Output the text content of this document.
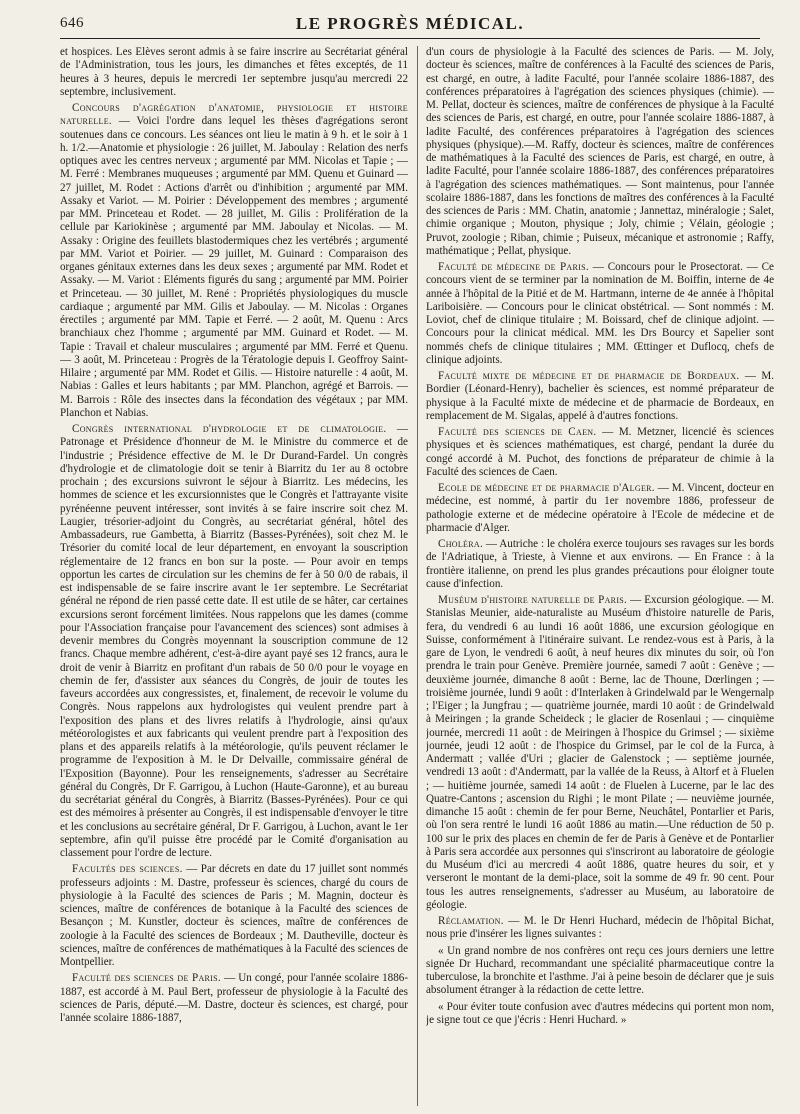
646	LE PROGRÈS MÉDICAL.

et hospices. Les Elèves seront admis à se faire inscrire au Secrétariat général de l'Administration, tous les jours, les dimanches et fêtes exceptés, de 11 heures à 3 heures, depuis le mercredi 1er septembre jusqu'au mercredi 22 septembre, inclusivement.

Concours d'agrégation d'anatomie, physiologie et histoire naturelle. — Voici l'ordre dans lequel les thèses d'agrégations seront soutenues dans ce concours. Les séances ont lieu le matin à 9 h. et le soir à 1 h. 1/2.—Anatomie et physiologie : 26 juillet, M. Jaboulay : Relation des nerfs optiques avec les centres nerveux ; argumenté par MM. Nicolas et Tapie ; — M. Ferré : Membranes muqueuses ; argumenté par MM. Quenu et Guinard — 27 juillet, M. Rodet : Actions d'arrêt ou d'inhibition ; argumenté par MM. Assaky et Variot. — M. Poirier : Développement des membres ; argumenté par MM. Princeteau et Rodet. — 28 juillet, M. Gilis : Prolifération de la cellule par Kariokinèse ; argumenté par MM. Jaboulay et Nicolas. — M. Assaky : Origine des feuillets blastodermiques chez les vertébrés ; argumenté par MM. Variot et Poirier. — 29 juillet, M. Guinard : Comparaison des organes génitaux externes dans les deux sexes ; argumenté par MM. Rodet et Assaky. — M. Variot : Eléments figurés du sang ; argumenté par MM. Poirier et Princeteau. — 30 juillet, M. René : Propriétés physiologiques du muscle cardiaque ; argumenté par MM. Gilis et Jaboulay. — M. Nicolas : Organes érectiles ; argumenté par MM. Tapie et Ferré. — 2 août, M. Quenu : Arcs branchiaux chez l'homme ; argumenté par MM. Guinard et Rodet. — M. Tapie : Travail et chaleur musculaires ; argumenté par MM. Ferré et Quenu. — 3 août, M. Princeteau : Progrès de la Tératologie depuis I. Geoffroy Saint-Hilaire ; argumenté par MM. Rodet et Gilis. — Histoire naturelle : 4 août, M. Nabias : Galles et leurs habitants ; par MM. Planchon, agrégé et Barrois. — M. Barrois : Rôle des insectes dans la fécondation des végétaux ; par MM. Planchon et Nabias.

Congrès international d'hydrologie et de climatologie. — Patronage et Présidence d'honneur de M. le Ministre du commerce et de l'industrie ; Présidence effective de M. le Dr Durand-Fardel. Un congrès d'hydrologie et de climatologie doit se tenir à Biarritz du 1er au 8 octobre prochain ; des excursions suivront le séjour à Biarritz. Les médecins, les hommes de science et les excursionnistes que le Congrès et l'attrayante visite pyrénéenne peuvent intéresser, sont invités à se faire inscrire soit chez M. Laugier, trésorier-adjoint du Congrès, au secrétariat général, hôtel des Ambassadeurs, rue Gambetta, à Biarritz (Basses-Pyrénées), soit chez M. le Trésorier du comité local de leur département, en envoyant la souscription réglementaire de 12 francs en bon sur la poste. — Pour avoir en temps opportun les cartes de circulation sur les chemins de fer à 50 0/0 de rabais, il est indispensable de se faire inscrire avant le 1er septembre. Le Secrétariat général ne répond de rien passé cette date. Il est utile de se hâter, car certaines excursions seront forcément limitées. Nous rappelons que les dames (comme pour l'Association française pour l'avancement des sciences) sont admises à devenir membres du Congrès moyennant la souscription commune de 12 francs. Chaque membre adhérent, c'est-à-dire ayant payé ses 12 francs, aura le droit de venir à Biarritz en profitant d'un rabais de 50 0/0 pour le voyage en chemin de fer, d'assister aux séances du Congrès, de jouir de toutes les faveurs accordées aux congressistes, et, finalement, de recevoir le volume du Congrès. Nous rappelons aux hydrologistes qui veulent prendre part à l'exposition des plans et des livres relatifs à l'hydrologie, ainsi qu'aux météorologistes et aux fabricants qui veulent prendre part à l'exposition des plans et des appareils relatifs à la météorologie, qu'ils peuvent réclamer le programme de l'exposition à M. le Dr Delvaille, commissaire général de l'Exposition (Bayonne). Pour les renseignements, s'adresser au Secrétaire général du Congrès, Dr F. Garrigou, à Luchon (Haute-Garonne), et au bureau du secrétariat général du Congrès, à Biarritz (Basses-Pyrénées). Pour ce qui est des mémoires à présenter au Congrès, il est indispensable d'envoyer le titre et les conclusions au secrétaire général, Dr F. Garrigou, à Luchon, avant le 1er septembre, afin qu'il puisse être procédé par le Comité d'organisation au classement pour l'ordre de lecture.

Facultés des sciences. — Par décrets en date du 17 juillet sont nommés professeurs adjoints : M. Dastre, professeur ès sciences, chargé du cours de physiologie à la Faculté des sciences de Paris ; M. Magnin, docteur ès sciences, maître de conférences de botanique à la Faculté des sciences de Besançon ; M. Kunstler, docteur ès sciences, maître de conférences de zoologie à la Faculté des sciences de Bordeaux ; M. Dautheville, docteur ès sciences, maître de conférences de mathématiques à la Faculté des sciences de Montpellier.

Faculté des sciences de Paris. — Un congé, pour l'année scolaire 1886-1887, est accordé à M. Paul Bert, professeur de physiologie à la Faculté des sciences de Paris, député.—M. Dastre, docteur ès sciences, est chargé, pour l'année scolaire 1886-1887,

d'un cours de physiologie à la Faculté des sciences de Paris. — M. Joly, docteur ès sciences, maître de conférences à la Faculté des sciences de Paris, est chargé, en outre, à ladite Faculté, pour l'année scolaire 1886-1887, des conférences préparatoires à l'agrégation des sciences physiques (chimie). — M. Pellat, docteur ès sciences, maître de conférences de physique à la Faculté des sciences de Paris, est chargé, en outre, pour l'année scolaire 1886-1887, à ladite Faculté, des conférences préparatoires à l'agrégation des sciences physiques (physique).—M. Raffy, docteur ès sciences, maître de conférences de mathématiques à la Faculté des sciences de Paris, est chargé, en outre, à ladite Faculté, pour l'année scolaire 1886-1887, des conférences préparatoires à l'agrégation des sciences mathématiques. — Sont maintenus, pour l'année scolaire 1886-1887, dans les fonctions de maîtres des conférences à la Faculté des sciences de Paris : MM. Chatin, anatomie ; Jannettaz, minéralogie ; Salet, chimie organique ; Mouton, physique ; Joly, chimie ; Vélain, géologie ; Pruvot, zoologie ; Riban, chimie ; Puiseux, mécanique et astronomie ; Raffy, mathématique ; Pellat, physique.

Faculté de médecine de Paris. — Concours pour le Prosectorat. — Ce concours vient de se terminer par la nomination de M. Boiffin, interne de 4e année à l'hôpital de la Pitié et de M. Hartmann, interne de 4e année à l'hôpital Lariboisière. — Concours pour le clinicat obstétrical. — Sont nommés : M. Loviot, chef de clinique titulaire ; M. Boissard, chef de clinique adjoint. — Concours pour la clinicat médical. MM. les Drs Bourcy et Sapelier sont nommés chefs de clinique titulaires ; MM. Œttinger et Duflocq, chefs de clinique adjoints.

Faculté mixte de médecine et de pharmacie de Bordeaux. — M. Bordier (Léonard-Henry), bachelier ès sciences, est nommé préparateur de physique à la Faculté mixte de médecine et de pharmacie de Bordeaux, en remplacement de M. Sigalas, appelé à d'autres fonctions.

Faculté des sciences de Caen. — M. Metzner, licencié ès sciences physiques et ès sciences mathématiques, est chargé, pendant la durée du congé accordé à M. Puchot, des fonctions de préparateur de chimie à la Faculté des sciences de Caen.

Ecole de médecine et de pharmacie d'Alger. — M. Vincent, docteur en médecine, est nommé, à partir du 1er novembre 1886, professeur de pathologie externe et de médecine opératoire à l'Ecole de médecine et de pharmacie d'Alger.

Choléra. — Autriche : le choléra exerce toujours ses ravages sur les bords de l'Adriatique, à Trieste, à Vienne et aux environs. — En France : à la frontière italienne, on prend les plus grandes précautions pour éloigner toute cause d'infection.

Muséum d'histoire naturelle de Paris. — Excursion géologique. — M. Stanislas Meunier, aide-naturaliste au Muséum d'histoire naturelle de Paris, fera, du vendredi 6 au lundi 16 août 1886, une excursion géologique en Suisse, conformément à l'itinéraire suivant. Le rendez-vous est à Paris, à la gare de Lyon, le vendredi 6 août, à neuf heures dix minutes du soir, où l'on prendra le train pour Genève. Première journée, samedi 7 août : Genève ; — deuxième journée, dimanche 8 août : Berne, lac de Thoune, Dœrlingen ; — troisième journée, lundi 9 août : d'Interlaken à Grindelwald par le Wengernalp ; l'Eiger ; la Jungfrau ; — quatrième journée, mardi 10 août : de Grindelwald à Meiringen ; la grande Scheideck ; le glacier de Rosenlaui ; — cinquième journée, mercredi 11 août : de Meiringen à l'hospice du Grimsel ; — sixième journée, jeudi 12 août : de l'hospice du Grimsel, par le col de la Furca, à Andermatt ; vallée d'Uri ; glacier de Galenstock ; — septième journée, vendredi 13 août : d'Andermatt, par la vallée de la Reuss, à Altorf et à Fluelen ; — huitième journée, samedi 14 août : de Fluelen à Lucerne, par le lac des Quatre-Cantons ; ascension du Righi ; le mont Pilate ; — neuvième journée, dimanche 15 août : chemin de fer pour Berne, Neuchâtel, Pontarlier et Paris, où l'on sera rentré le lundi 16 août 1886 au matin.—Une réduction de 50 p. 100 sur le prix des places en chemin de fer de Paris à Genève et de Pontarlier à Paris sera accordée aux personnes qui s'inscriront au laboratoire de géologie du Muséum d'ici au mercredi 4 août 1886, quatre heures du soir, et y verseront le montant de la demi-place, soit la somme de 49 fr. 90 cent. Pour tous les autres renseignements, s'adresser au Muséum, au laboratoire de géologie.

Réclamation. — M. le Dr Henri Huchard, médecin de l'hôpital Bichat, nous prie d'insérer les lignes suivantes :

« Un grand nombre de nos confrères ont reçu ces jours derniers une lettre signée Dr Huchard, recommandant une spécialité pharmaceutique contre la tuberculose, la bronchite et l'asthme. J'ai à peine besoin de déclarer que je suis absolument étranger à la rédaction de cette lettre.

« Pour éviter toute confusion avec d'autres médecins qui portent mon nom, je signe tout ce que j'écris : Henri Huchard. »
